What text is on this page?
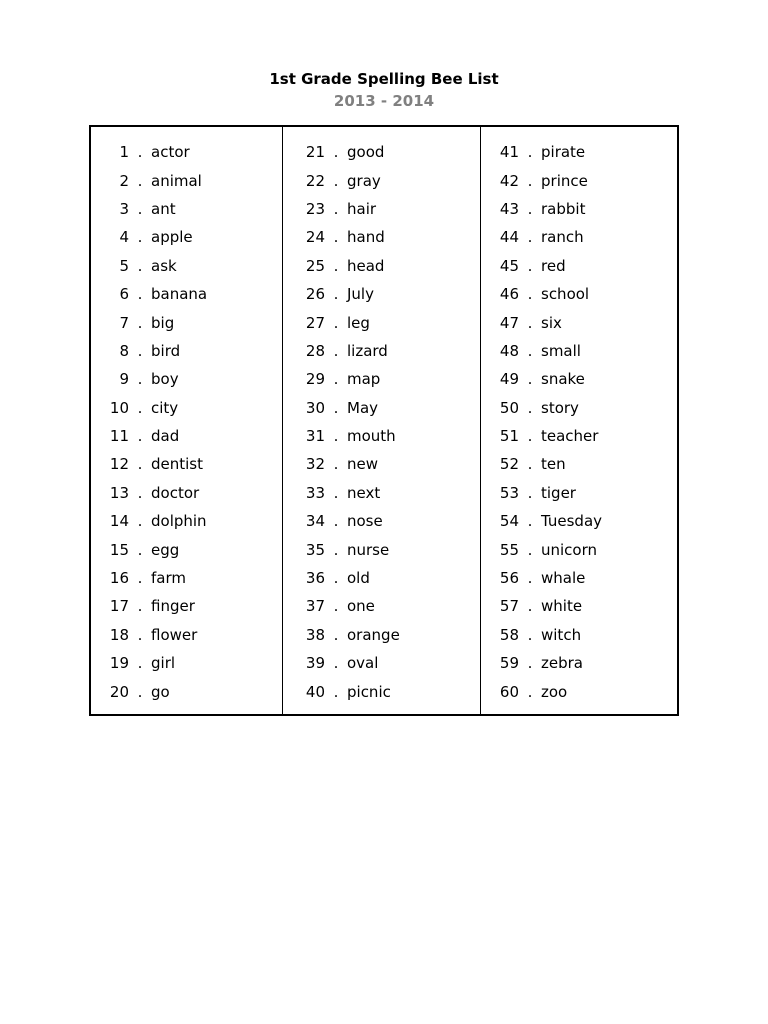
1st Grade Spelling Bee List
2013 - 2014
1 . actor
2 . animal
3 . ant
4 . apple
5 . ask
6 . banana
7 . big
8 . bird
9 . boy
10 . city
11 . dad
12 . dentist
13 . doctor
14 . dolphin
15 . egg
16 . farm
17 . finger
18 . flower
19 . girl
20 . go
21 . good
22 . gray
23 . hair
24 . hand
25 . head
26 . July
27 . leg
28 . lizard
29 . map
30 . May
31 . mouth
32 . new
33 . next
34 . nose
35 . nurse
36 . old
37 . one
38 . orange
39 . oval
40 . picnic
41 . pirate
42 . prince
43 . rabbit
44 . ranch
45 . red
46 . school
47 . six
48 . small
49 . snake
50 . story
51 . teacher
52 . ten
53 . tiger
54 . Tuesday
55 . unicorn
56 . whale
57 . white
58 . witch
59 . zebra
60 . zoo
